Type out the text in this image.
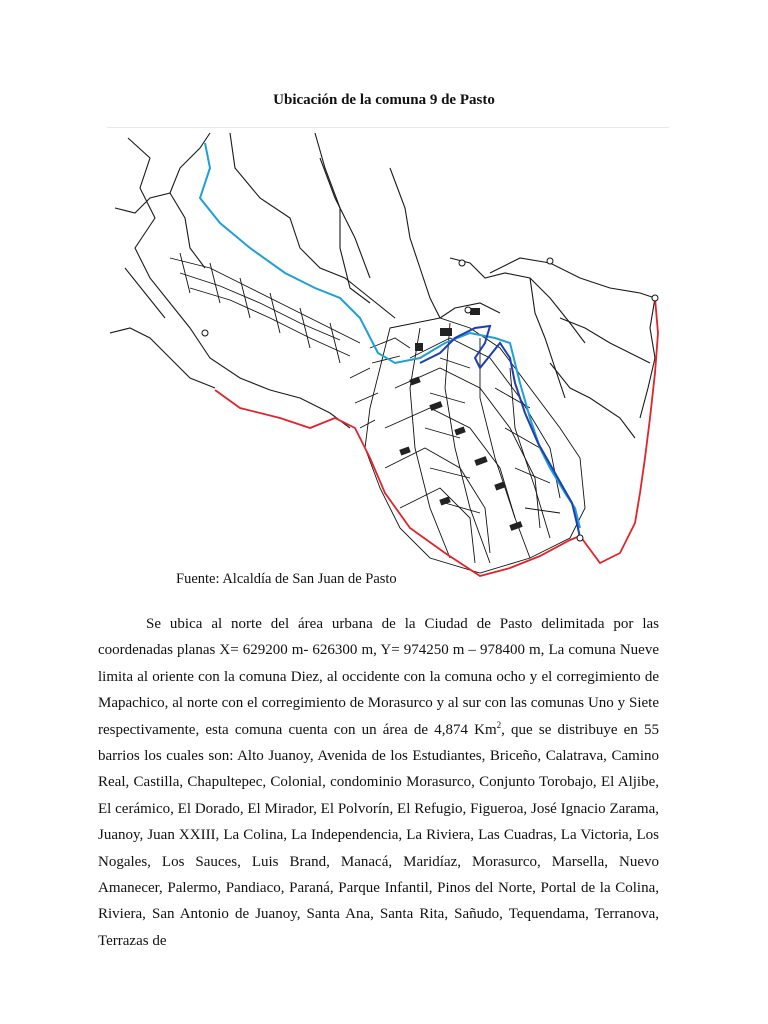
Ubicación de la comuna 9 de Pasto
Fuente: Alcaldía de San Juan de Pasto

Se ubica al norte del área urbana de la Ciudad de Pasto delimitada por las coordenadas planas X= 629200 m- 626300 m, Y= 974250 m – 978400 m, La comuna Nueve limita al oriente con la comuna Diez, al occidente con la comuna ocho y el corregimiento de Mapachico, al norte con el corregimiento de Morasurco y al sur con las comunas Uno y Siete respectivamente, esta comuna cuenta con un área de 4,874 Km$^2$, que se distribuye en 55 barrios los cuales son: Alto Juanoy, Avenida de los Estudiantes, Briceño, Calatrava, Camino Real, Castilla, Chapultepec, Colonial, condominio Morasurco, Conjunto Torobajo, El Aljibe, El cerámico, El Dorado, El Mirador, El Polvorín, El Refugio, Figueroa, José Ignacio Zarama, Juanoy, Juan XXIII, La Colina, La Independencia, La Riviera, Las Cuadras, La Victoria, Los Nogales, Los Sauces, Luis Brand, Manacá, Maridíaz, Morasurco, Marsella, Nuevo Amanecer, Palermo, Pandiaco, Paraná, Parque Infantil, Pinos del Norte, Portal de la Colina, Riviera, San Antonio de Juanoy, Santa Ana, Santa Rita, Sañudo, Tequendama, Terranova, Terrazas de
